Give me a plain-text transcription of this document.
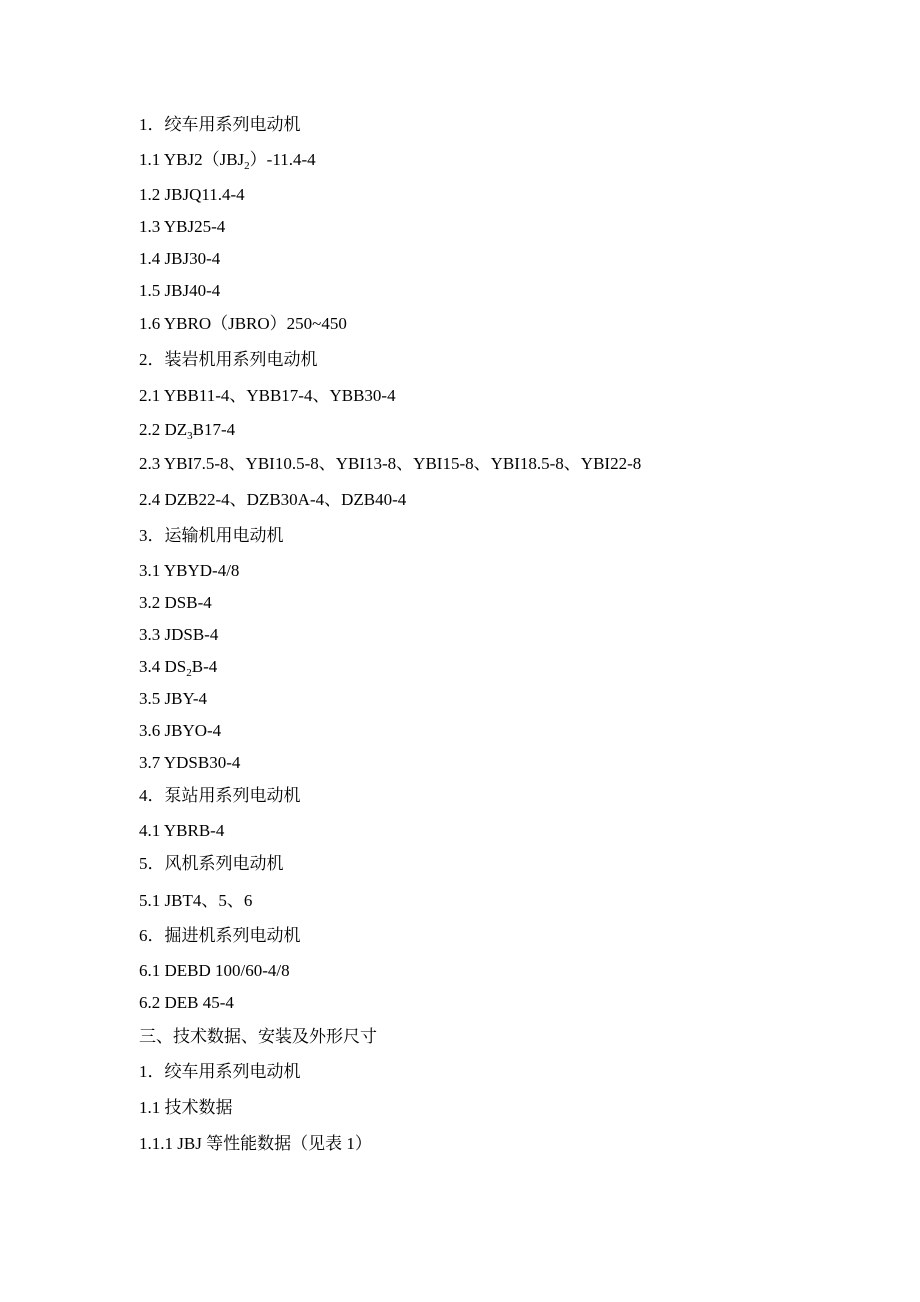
1．绞车用系列电动机
1.1 $YBJ2(JBJ_2)-11.4-4$
1.2 JBJQ11.4-4
1.3 YBJ25-4
1.4 JBJ30-4
1.5 JBJ40-4
1.6 YBRO（JBRO）250~450
2．装岩机用系列电动机
2.1 YBB11-4、YBB17-4、YBB30-4
2.2 $DZ_3B17-4$
2.3 YBI7.5-8、YBI10.5-8、YBI13-8、YBI15-8、YBI18.5-8、YBI22-8
2.4 DZB22-4、DZB30A-4、DZB40-4
3．运输机用电动机
3.1 YBYD-4/8
3.2 DSB-4
3.3 JDSB-4
3.4 $DS_2B-4$
3.5 JBY-4
3.6 JBYO-4
3.7 YDSB30-4
4．泵站用系列电动机
4.1 YBRB-4
5．风机系列电动机
5.1 JBT4、5、6
6．掘进机系列电动机
6.1 DEBD 100/60-4/8
6.2 DEB 45-4
三、技术数据、安装及外形尺寸
1．绞车用系列电动机
1.1 技术数据
1.1.1 JBJ 等性能数据（见表 1）
